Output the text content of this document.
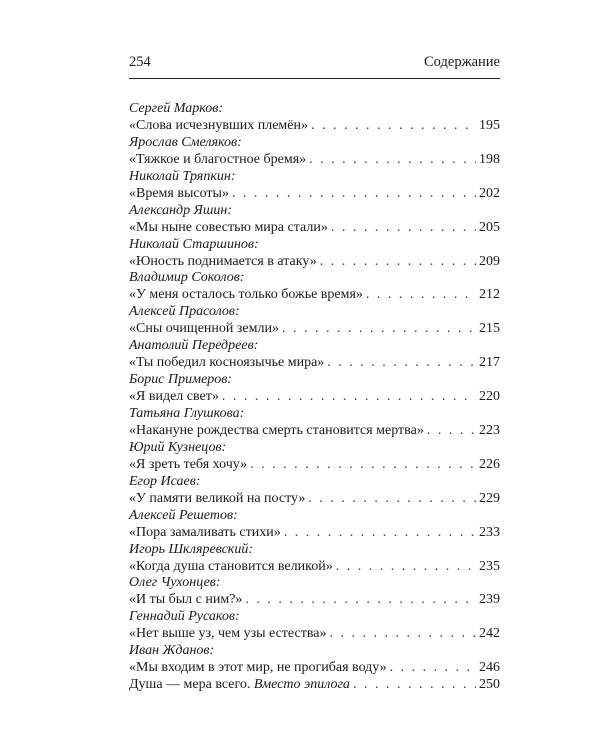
254	Содержание
Сергей Марков:
«Слова исчезнувших племён» . . .	195
Ярослав Смеляков:
«Тяжкое и благостное бремя» . . .	198
Николай Тряпкин:
«Время высоты» . . .	202
Александр Яшин:
«Мы ныне совестью мира стали» . . .	205
Николай Старшинов:
«Юность поднимается в атаку» . . .	209
Владимир Соколов:
«У меня осталось только божье время» . . .	212
Алексей Прасолов:
«Сны очищенной земли» . . .	215
Анатолий Передреев:
«Ты победил косноязычье мира» . . .	217
Борис Примеров:
«Я видел свет» . . .	220
Татьяна Глушкова:
«Накануне рождества смерть становится мертва» . . .	223
Юрий Кузнецов:
«Я зреть тебя хочу» . . .	226
Егор Исаев:
«У памяти великой на посту» . . .	229
Алексей Решетов:
«Пора замаливать стихи» . . .	233
Игорь Шкляревский:
«Когда душа становится великой» . . .	235
Олег Чухонцев:
«И ты был с ним?» . . .	239
Геннадий Русаков:
«Нет выше уз, чем узы естества» . . .	242
Иван Жданов:
«Мы входим в этот мир, не прогибая воду» . . .	246
Душа — мера всего. Вместо эпилога . . .	250
